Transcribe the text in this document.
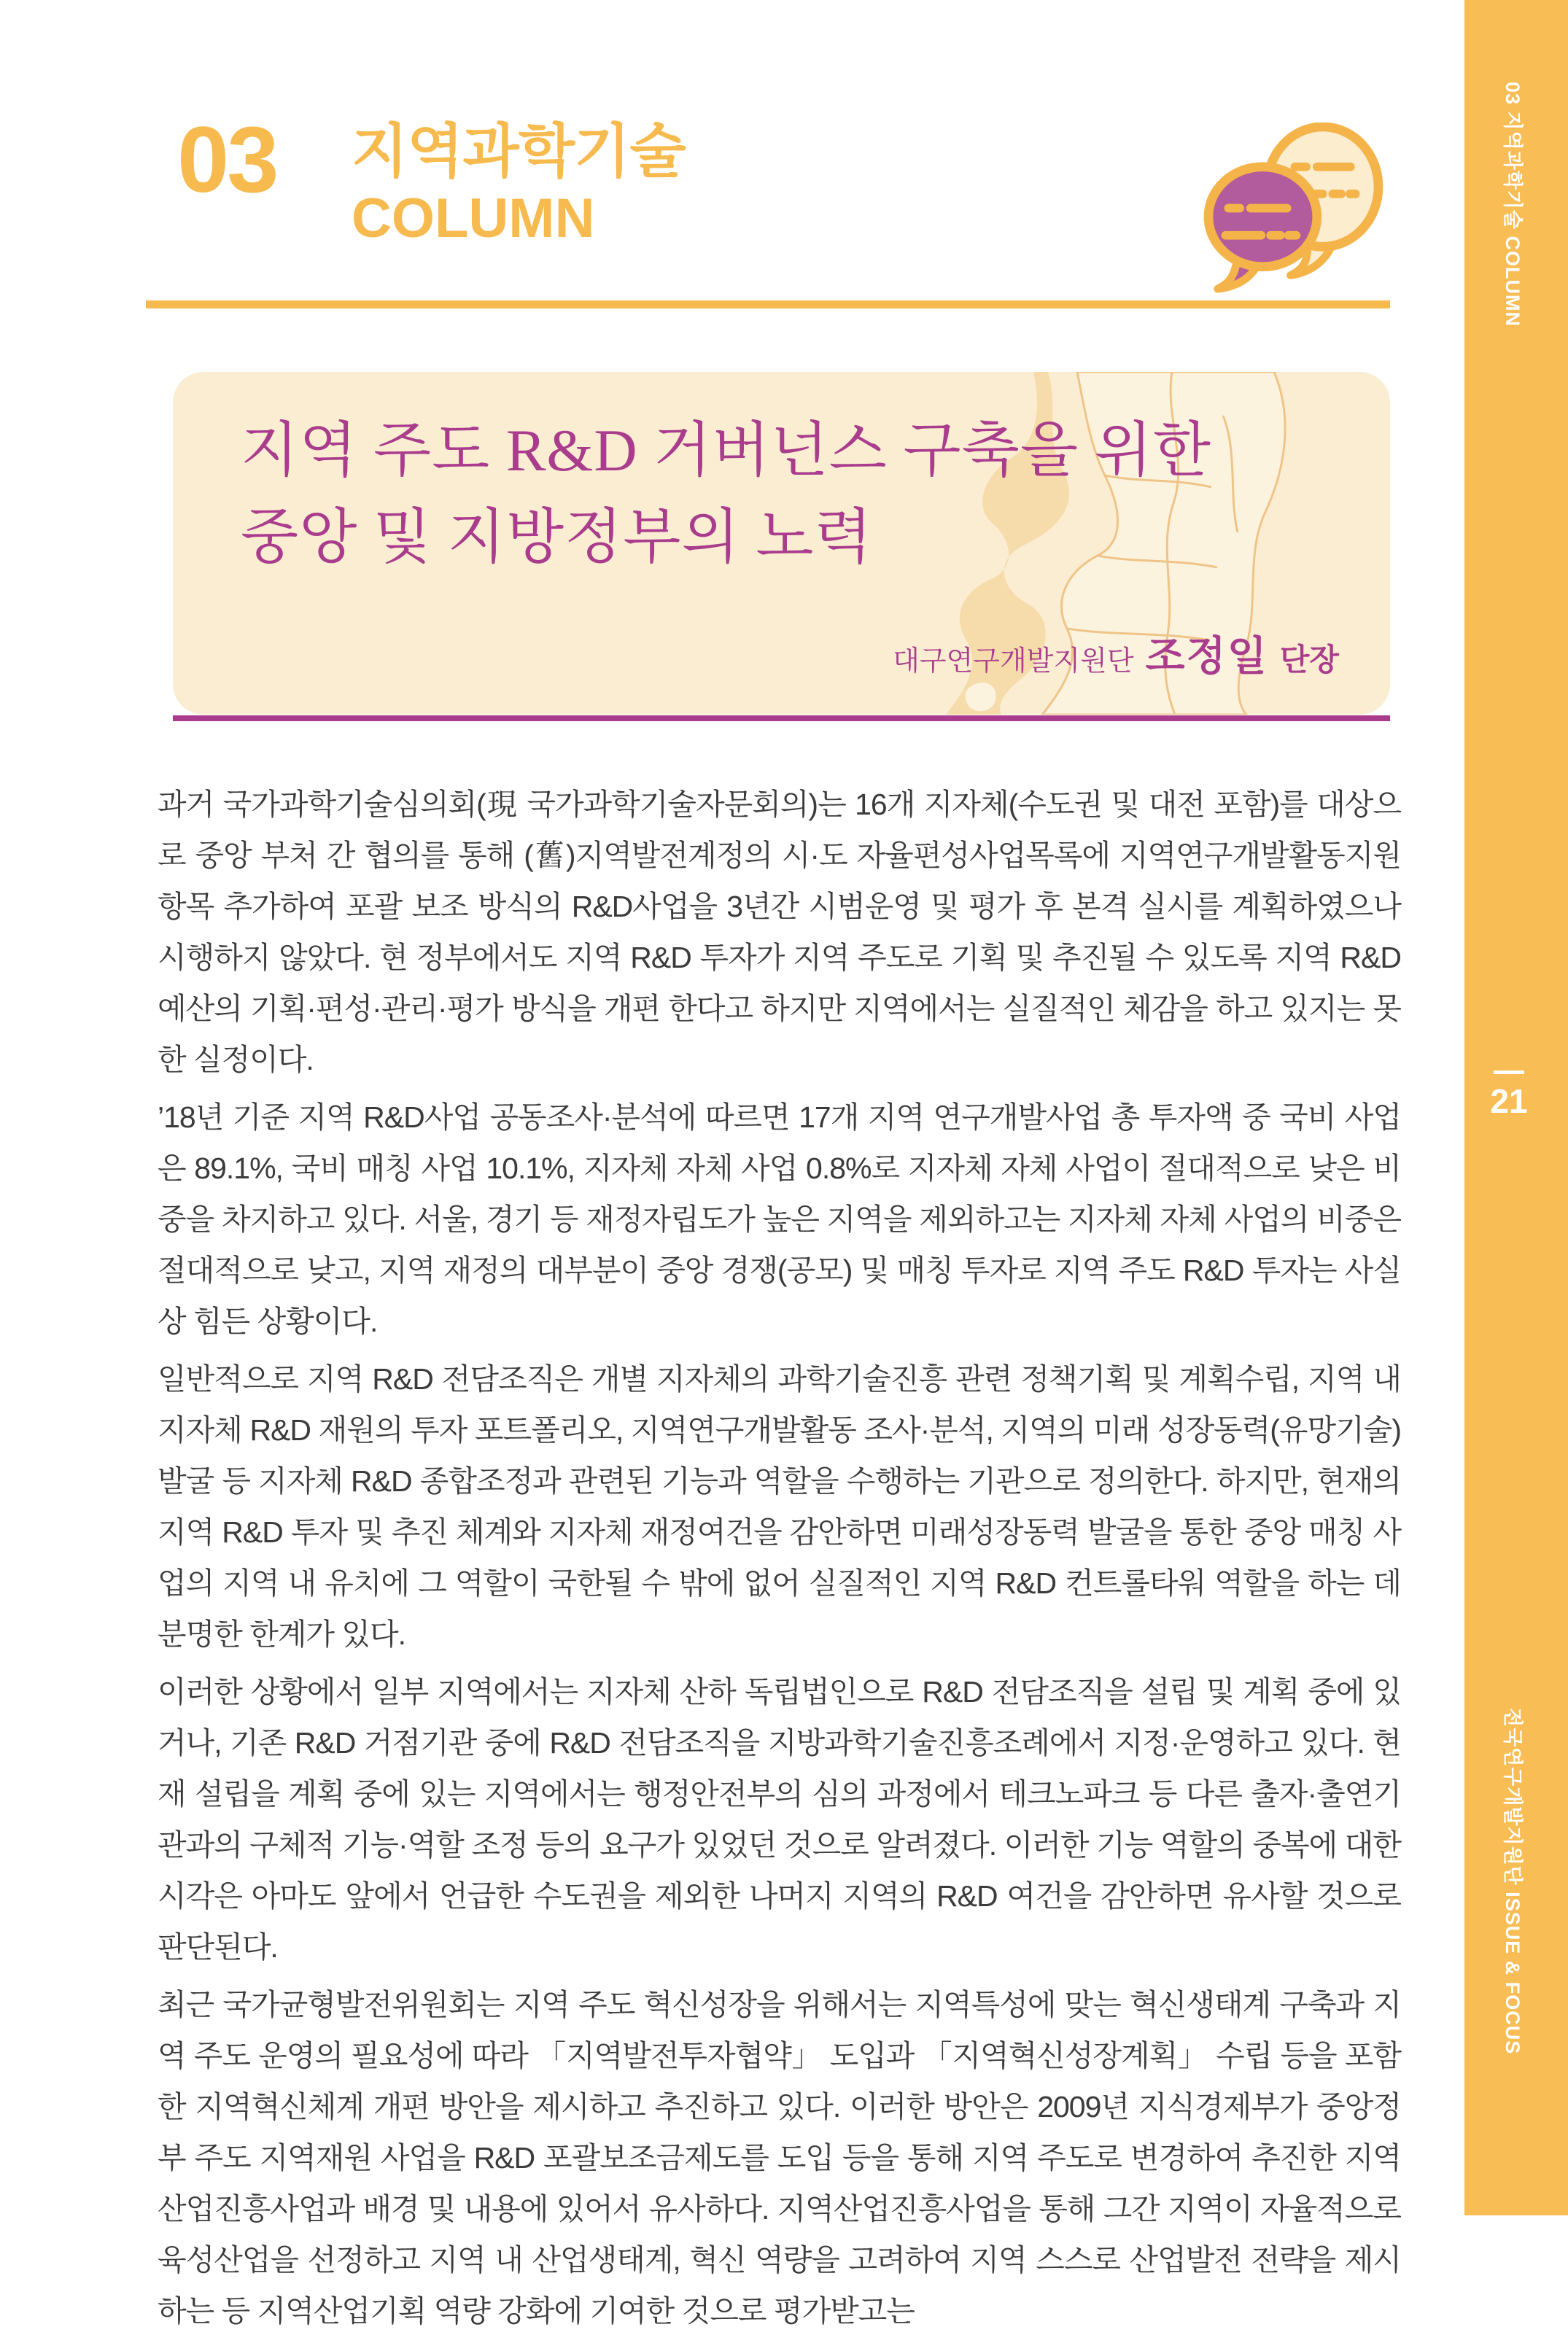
03 지역과학기술 COLUMN
21
전국연구개발지원단 ISSUE & FOCUS
03 지역과학기술
COLUMN
지역 주도 R&D 거버넌스 구축을 위한
중앙 및 지방정부의 노력
대구연구개발지원단 조정일 단장

과거 국가과학기술심의회(現 국가과학기술자문회의)는 16개 지자체(수도권 및 대전 포함)를 대상으로 중앙 부처 간 협의를 통해 (舊)지역발전계정의 시·도 자율편성사업목록에 지역연구개발활동지원 항목 추가하여 포괄 보조 방식의 R&D사업을 3년간 시범운영 및 평가 후 본격 실시를 계획하였으나 시행하지 않았다. 현 정부에서도 지역 R&D 투자가 지역 주도로 기획 및 추진될 수 있도록 지역 R&D 예산의 기획·편성·관리·평가 방식을 개편 한다고 하지만 지역에서는 실질적인 체감을 하고 있지는 못한 실정이다.

’18년 기준 지역 R&D사업 공동조사·분석에 따르면 17개 지역 연구개발사업 총 투자액 중 국비 사업은 89.1%, 국비 매칭 사업 10.1%, 지자체 자체 사업 0.8%로 지자체 자체 사업이 절대적으로 낮은 비중을 차지하고 있다. 서울, 경기 등 재정자립도가 높은 지역을 제외하고는 지자체 자체 사업의 비중은 절대적으로 낮고, 지역 재정의 대부분이 중앙 경쟁(공모) 및 매칭 투자로 지역 주도 R&D 투자는 사실상 힘든 상황이다.

일반적으로 지역 R&D 전담조직은 개별 지자체의 과학기술진흥 관련 정책기획 및 계획수립, 지역 내 지자체 R&D 재원의 투자 포트폴리오, 지역연구개발활동 조사·분석, 지역의 미래 성장동력(유망기술) 발굴 등 지자체 R&D 종합조정과 관련된 기능과 역할을 수행하는 기관으로 정의한다. 하지만, 현재의 지역 R&D 투자 및 추진 체계와 지자체 재정여건을 감안하면 미래성장동력 발굴을 통한 중앙 매칭 사업의 지역 내 유치에 그 역할이 국한될 수 밖에 없어 실질적인 지역 R&D 컨트롤타워 역할을 하는 데 분명한 한계가 있다.

이러한 상황에서 일부 지역에서는 지자체 산하 독립법인으로 R&D 전담조직을 설립 및 계획 중에 있거나, 기존 R&D 거점기관 중에 R&D 전담조직을 지방과학기술진흥조례에서 지정·운영하고 있다. 현재 설립을 계획 중에 있는 지역에서는 행정안전부의 심의 과정에서 테크노파크 등 다른 출자·출연기관과의 구체적 기능·역할 조정 등의 요구가 있었던 것으로 알려졌다. 이러한 기능 역할의 중복에 대한 시각은 아마도 앞에서 언급한 수도권을 제외한 나머지 지역의 R&D 여건을 감안하면 유사할 것으로 판단된다.

최근 국가균형발전위원회는 지역 주도 혁신성장을 위해서는 지역특성에 맞는 혁신생태계 구축과 지역 주도 운영의 필요성에 따라 「지역발전투자협약」 도입과 「지역혁신성장계획」 수립 등을 포함한 지역혁신체계 개편 방안을 제시하고 추진하고 있다. 이러한 방안은 2009년 지식경제부가 중앙정부 주도 지역재원 사업을 R&D 포괄보조금제도를 도입 등을 통해 지역 주도로 변경하여 추진한 지역산업진흥사업과 배경 및 내용에 있어서 유사하다. 지역산업진흥사업을 통해 그간 지역이 자율적으로 육성산업을 선정하고 지역 내 산업생태계, 혁신 역량을 고려하여 지역 스스로 산업발전 전략을 제시하는 등 지역산업기획 역량 강화에 기여한 것으로 평가받고는
